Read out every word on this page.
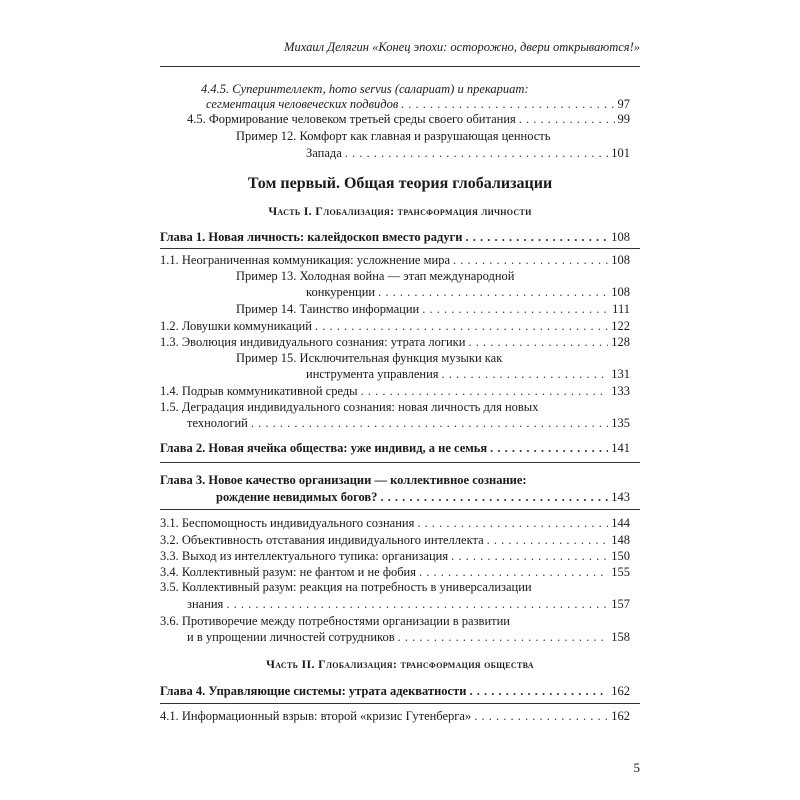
Михаил Делягин «Конец эпохи: осторожно, двери открываются!»
4.4.5. Суперинтеллект, homo servus (салариат) и прекариат:
сегментация человеческих подвидов . . .	97
4.5. Формирование человеком третьей среды своего обитания . . .	99
Пример 12. Комфорт как главная и разрушающая ценность
Запада . . .	101
Том первый. Общая теория глобализации
Часть I. Глобализация: трансформация личности
Глава 1. Новая личность: калейдоскоп вместо радуги . . .	108
1.1. Неограниченная коммуникация: усложнение мира . . .	108
Пример 13. Холодная война — этап международной
конкуренции . . .	108
Пример 14. Таинство информации . . .	111
1.2. Ловушки коммуникаций . . .	122
1.3. Эволюция индивидуального сознания: утрата логики . . .	128
Пример 15. Исключительная функция музыки как
инструмента управления . . .	131
1.4. Подрыв коммуникативной среды . . .	133
1.5. Деградация индивидуального сознания: новая личность для новых
технологий . . .	135
Глава 2. Новая ячейка общества: уже индивид, а не семья . . .	141
Глава 3. Новое качество организации — коллективное сознание:
рождение невидимых богов? . . .	143
3.1. Беспомощность индивидуального сознания . . .	144
3.2. Объективность отставания индивидуального интеллекта . . .	148
3.3. Выход из интеллектуального тупика: организация . . .	150
3.4. Коллективный разум: не фантом и не фобия . . .	155
3.5. Коллективный разум: реакция на потребность в универсализации
знания . . .	157
3.6. Противоречие между потребностями организации в развитии
и в упрощении личностей сотрудников . . .	158
Часть II. Глобализация: трансформация общества
Глава 4. Управляющие системы: утрата адекватности . . .	162
4.1. Информационный взрыв: второй «кризис Гутенберга» . . .	162
5
